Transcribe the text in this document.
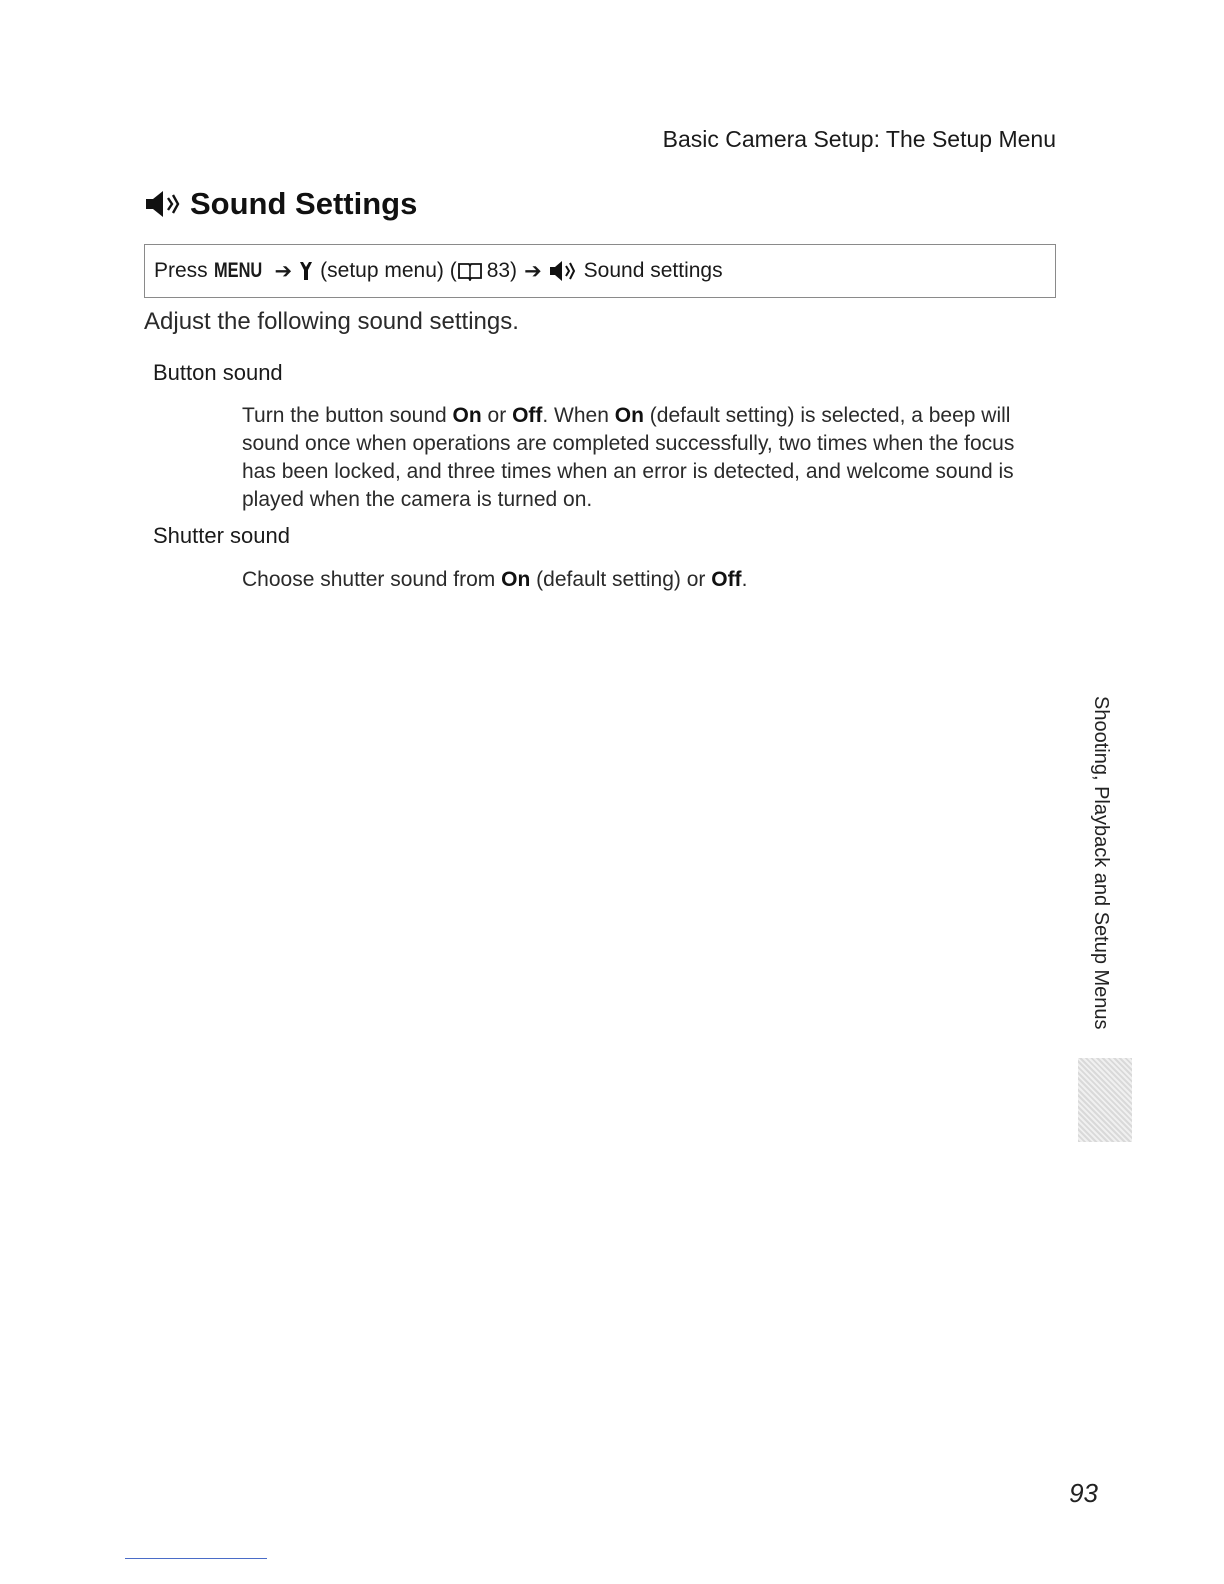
Basic Camera Setup: The Setup Menu
Sound Settings
Press MENU ➔ (setup menu) ( 83) ➔ Sound settings
Adjust the following sound settings.
Button sound
Turn the button sound On or Off. When On (default setting) is selected, a beep will sound once when operations are completed successfully, two times when the focus has been locked, and three times when an error is detected, and welcome sound is played when the camera is turned on.
Shutter sound
Choose shutter sound from On (default setting) or Off.
Shooting, Playback and Setup Menus
93
